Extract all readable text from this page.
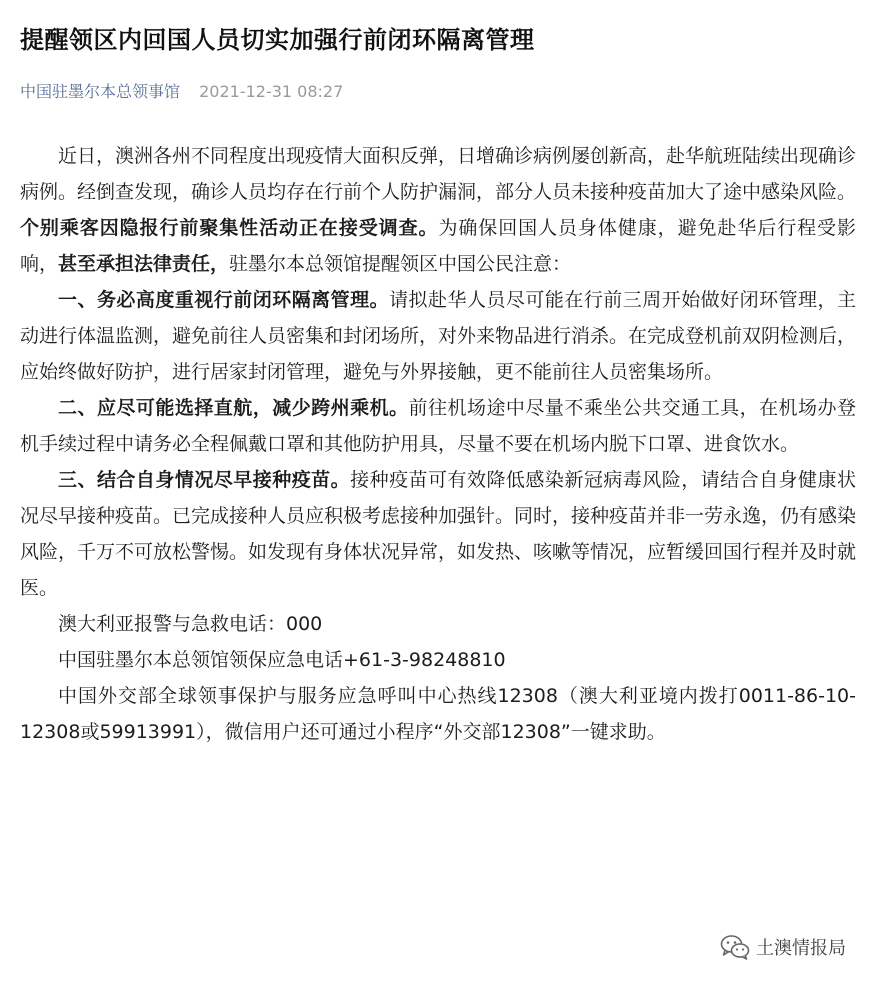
提醒领区内回国人员切实加强行前闭环隔离管理
中国驻墨尔本总领事馆 2021-12-31 08:27

近日，澳洲各州不同程度出现疫情大面积反弹，日增确诊病例屡创新高，赴华航班陆续出现确诊病例。经倒查发现，确诊人员均存在行前个人防护漏洞，部分人员未接种疫苗加大了途中感染风险。个别乘客因隐报行前聚集性活动正在接受调查。为确保回国人员身体健康，避免赴华后行程受影响，甚至承担法律责任，驻墨尔本总领馆提醒领区中国公民注意：

一、务必高度重视行前闭环隔离管理。请拟赴华人员尽可能在行前三周开始做好闭环管理，主动进行体温监测，避免前往人员密集和封闭场所，对外来物品进行消杀。在完成登机前双阴检测后，应始终做好防护，进行居家封闭管理，避免与外界接触，更不能前往人员密集场所。

二、应尽可能选择直航，减少跨州乘机。前往机场途中尽量不乘坐公共交通工具，在机场办登机手续过程中请务必全程佩戴口罩和其他防护用具，尽量不要在机场内脱下口罩、进食饮水。

三、结合自身情况尽早接种疫苗。接种疫苗可有效降低感染新冠病毒风险，请结合自身健康状况尽早接种疫苗。已完成接种人员应积极考虑接种加强针。同时，接种疫苗并非一劳永逸，仍有感染风险，千万不可放松警惕。如发现有身体状况异常，如发热、咳嗽等情况，应暂缓回国行程并及时就医。

澳大利亚报警与急救电话：000

中国驻墨尔本总领馆领保应急电话+61-3-98248810

中国外交部全球领事保护与服务应急呼叫中心热线12308（澳大利亚境内拨打0011-86-10-12308或59913991），微信用户还可通过小程序“外交部12308”一键求助。

土澳情报局
